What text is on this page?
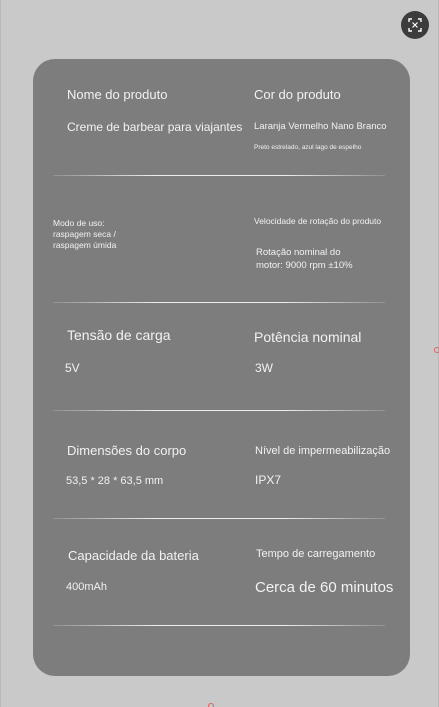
Nome do produto
Creme de barbear para viajantes
Cor do produto
Laranja Vermelho Nano Branco
Preto estrelado, azul lago de espelho
Modo de uso:
raspagem seca /
raspagem úmida
Velocidade de rotação do produto
Rotação nominal do
motor: 9000 rpm ±10%
Tensão de carga
5V
Potência nominal
3W
Dimensões do corpo
53,5 * 28 * 63,5 mm
Nível de impermeabilização
IPX7
Capacidade da bateria
400mAh
Tempo de carregamento
Cerca de 60 minutos
